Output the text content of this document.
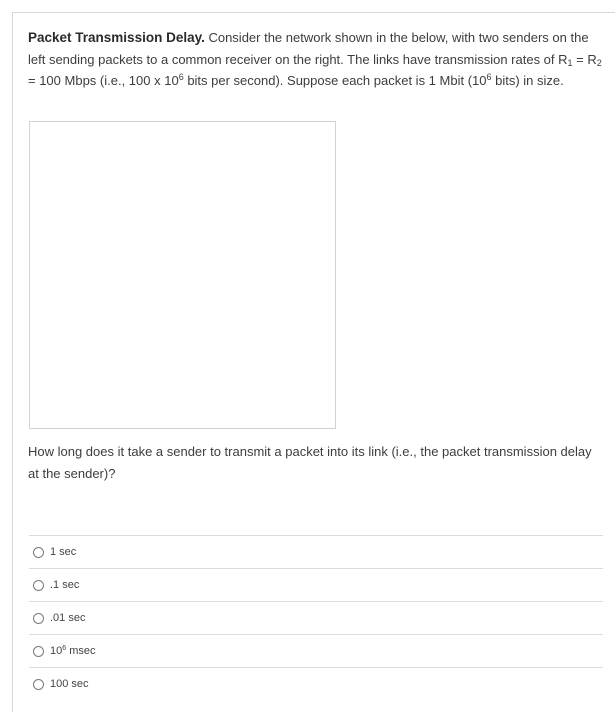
Packet Transmission Delay. Consider the network shown in the below, with two senders on the left sending packets to a common receiver on the right. The links have transmission rates of $R_1 = R_2 = 100$ Mbps (i.e., 100 x $10^6$ bits per second). Suppose each packet is 1 Mbit ($10^6$ bits) in size.
How long does it take a sender to transmit a packet into its link (i.e., the packet transmission delay at the sender)?
1 sec
.1 sec
.01 sec
$10^6$ msec
100 sec
